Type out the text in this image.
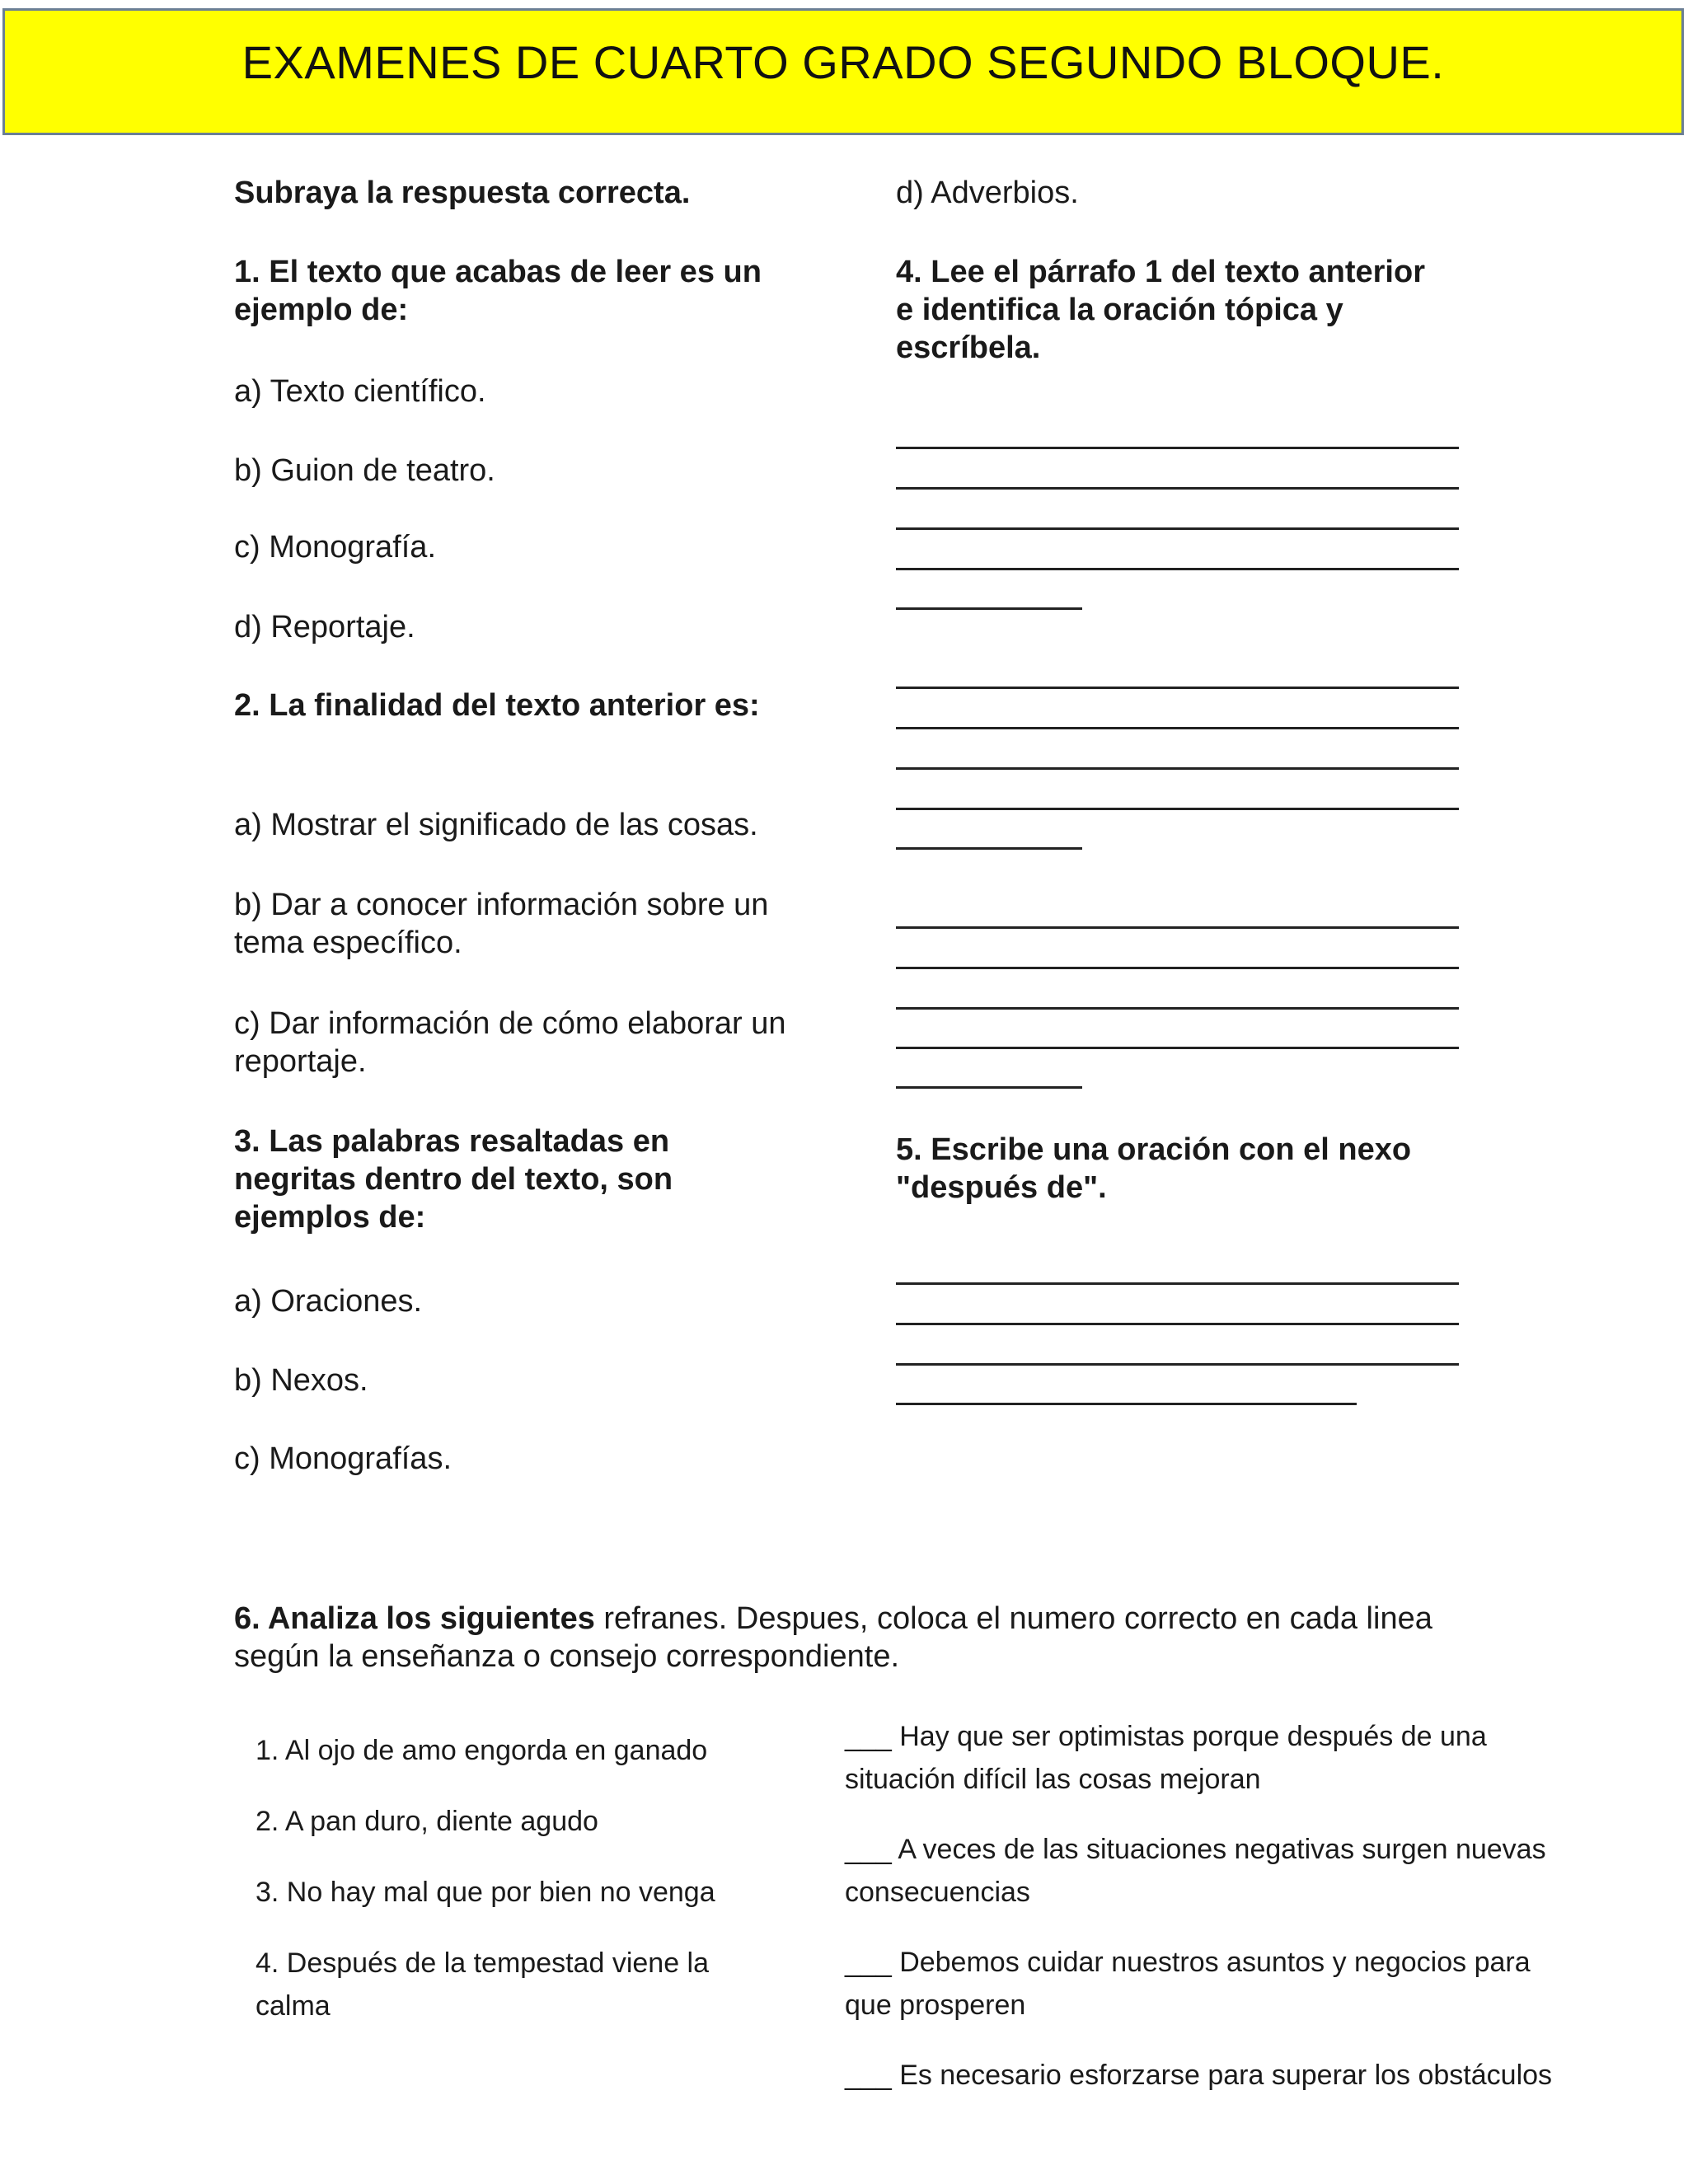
EXAMENES DE CUARTO GRADO SEGUNDO BLOQUE.
Subraya la respuesta correcta.
1. El texto que acabas de leer es un ejemplo de:
a) Texto científico.
b) Guion de teatro.
c) Monografía.
d) Reportaje.
2. La finalidad del texto anterior es:
a) Mostrar el significado de las cosas.
b) Dar a conocer información sobre un tema específico.
c) Dar información de cómo elaborar un reportaje.
3. Las palabras resaltadas en negritas dentro del texto, son ejemplos de:
a) Oraciones.
b) Nexos.
c) Monografías.
d) Adverbios.
4. Lee el párrafo 1 del texto anterior e identifica la oración tópica y escríbela.
5. Escribe una oración con el nexo "después de".
6. Analiza los siguientes refranes. Despues, coloca el numero correcto en cada linea según la enseñanza o consejo correspondiente.
1. Al ojo de amo engorda en ganado
2. A pan duro, diente agudo
3. No hay mal que por bien no venga
4. Después de la tempestad viene la calma
___ Hay que ser optimistas porque después de una situación difícil las cosas mejoran
___ A veces de las situaciones negativas surgen nuevas consecuencias
___ Debemos cuidar nuestros asuntos y negocios para que prosperen
___ Es necesario esforzarse para superar los obstáculos
